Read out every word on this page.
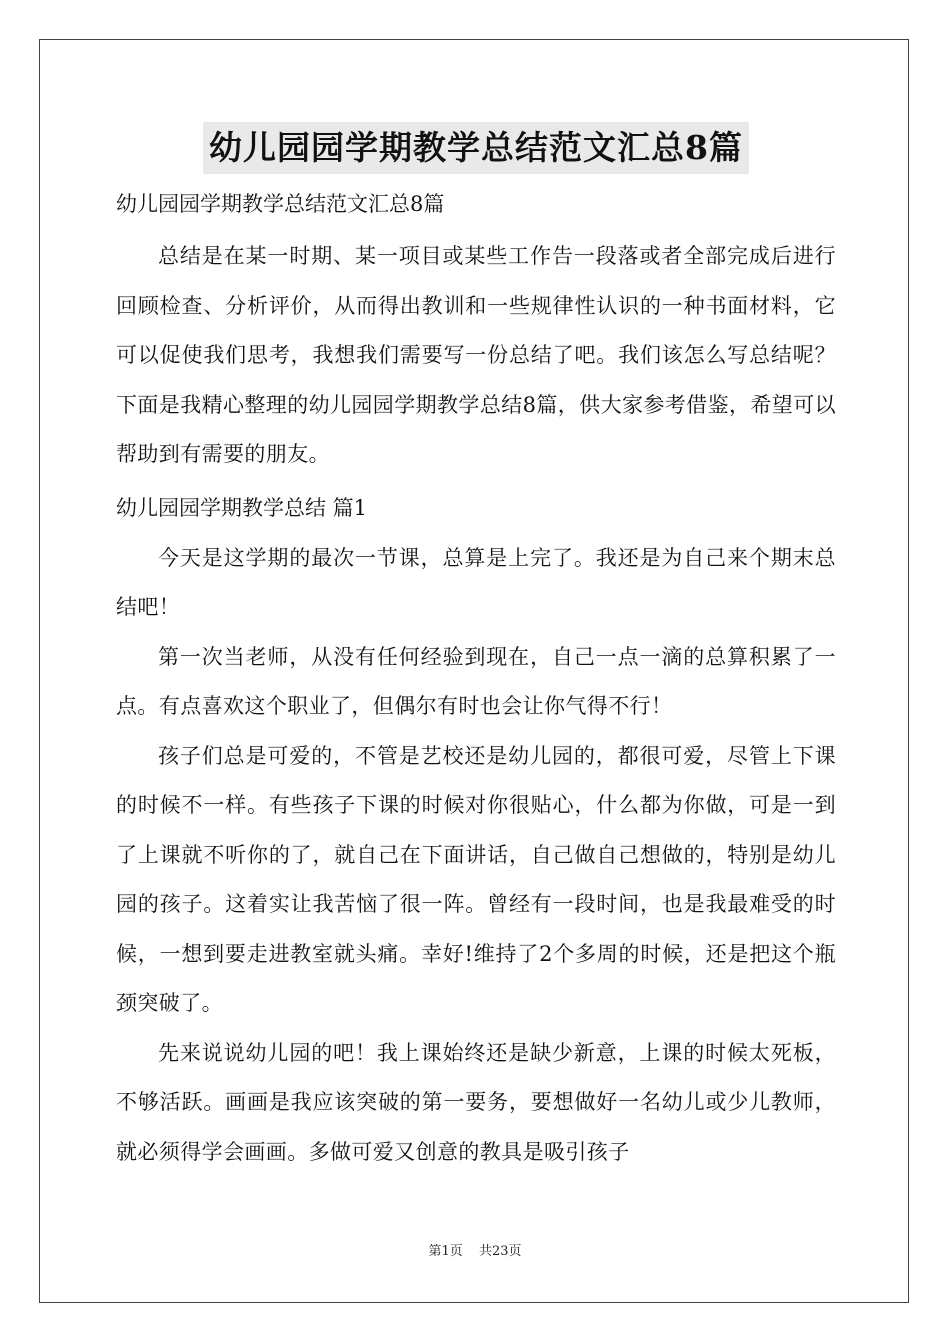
幼儿园园学期教学总结范文汇总8篇

幼儿园园学期教学总结范文汇总8篇

总结是在某一时期、某一项目或某些工作告一段落或者全部完成后进行回顾检查、分析评价，从而得出教训和一些规律性认识的一种书面材料，它可以促使我们思考，我想我们需要写一份总结了吧。我们该怎么写总结呢？下面是我精心整理的幼儿园园学期教学总结8篇，供大家参考借鉴，希望可以帮助到有需要的朋友。

幼儿园园学期教学总结 篇1

今天是这学期的最次一节课，总算是上完了。我还是为自己来个期末总结吧！

第一次当老师，从没有任何经验到现在，自己一点一滴的总算积累了一点。有点喜欢这个职业了，但偶尔有时也会让你气得不行！

孩子们总是可爱的，不管是艺校还是幼儿园的，都很可爱，尽管上下课的时候不一样。有些孩子下课的时候对你很贴心，什么都为你做，可是一到了上课就不听你的了，就自己在下面讲话，自己做自己想做的，特别是幼儿园的孩子。这着实让我苦恼了很一阵。曾经有一段时间，也是我最难受的时候，一想到要走进教室就头痛。幸好!维持了2个多周的时候，还是把这个瓶颈突破了。

先来说说幼儿园的吧！我上课始终还是缺少新意，上课的时候太死板，不够活跃。画画是我应该突破的第一要务，要想做好一名幼儿或少儿教师，就必须得学会画画。多做可爱又创意的教具是吸引孩子

第1页 共23页
